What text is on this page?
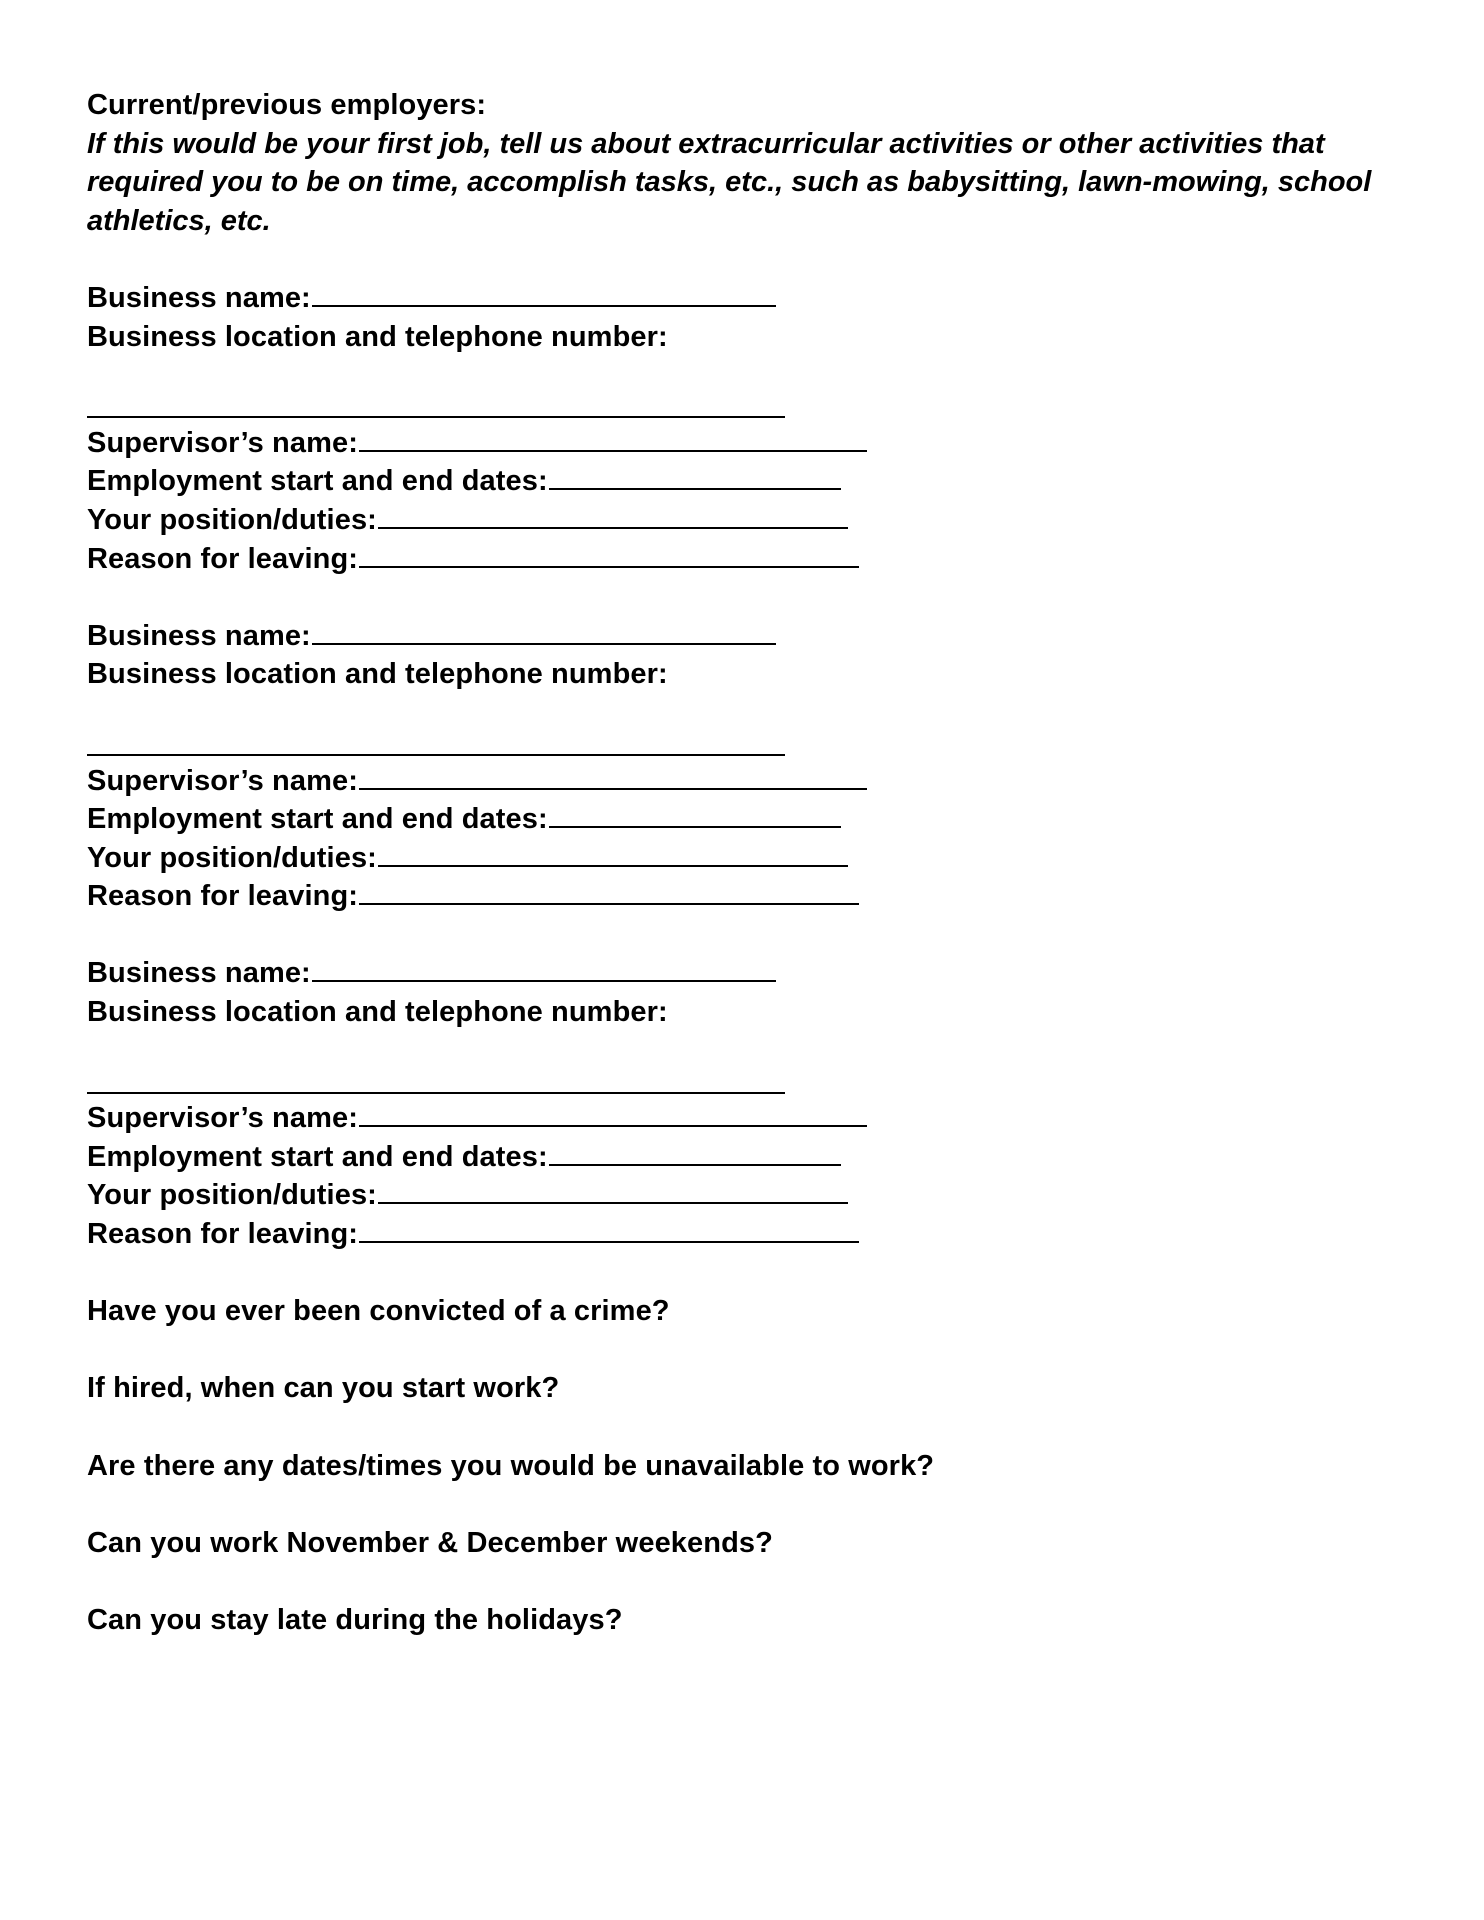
Current/previous employers:
If this would be your first job, tell us about extracurricular activities or other activities that required you to be on time, accomplish tasks, etc., such as babysitting, lawn-mowing, school athletics, etc.
Business name:
Business location and telephone number:
Supervisor’s name:
Employment start and end dates:
Your position/duties:
Reason for leaving:
Business name:
Business location and telephone number:
Supervisor’s name:
Employment start and end dates:
Your position/duties:
Reason for leaving:
Business name:
Business location and telephone number:
Supervisor’s name:
Employment start and end dates:
Your position/duties:
Reason for leaving:
Have you ever been convicted of a crime?
If hired, when can you start work?
Are there any dates/times you would be unavailable to work?
Can you work November & December weekends?
Can you stay late during the holidays?
